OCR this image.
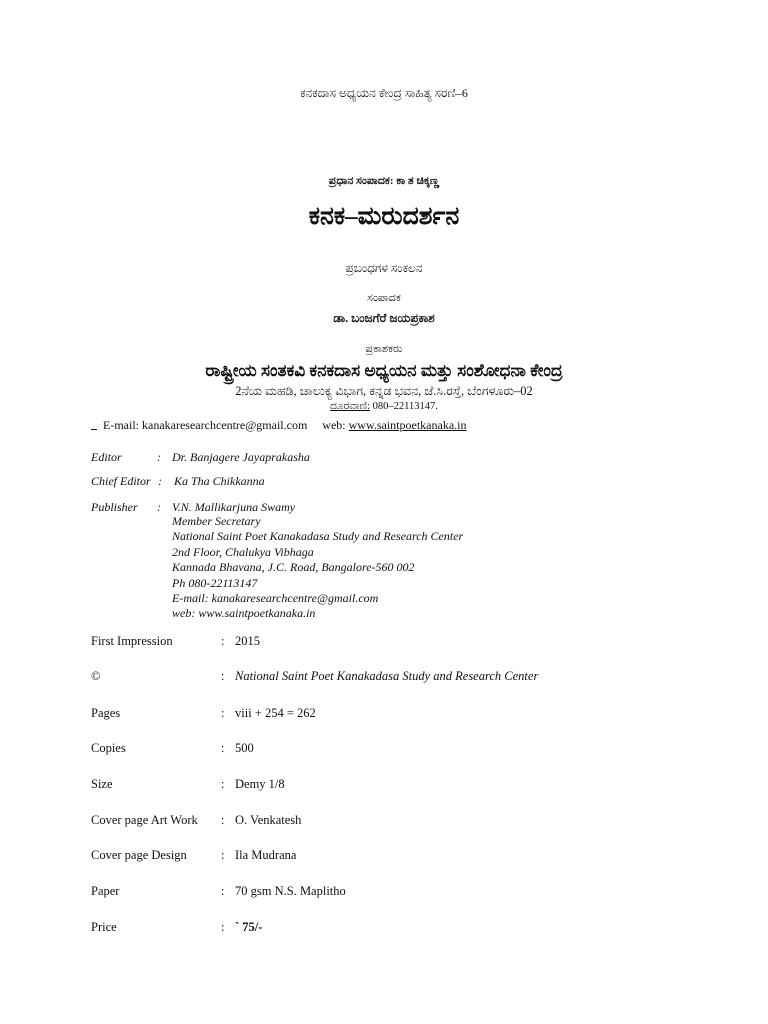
ಕನಕದಾಸ ಅಧ್ಯಯನ ಕೇಂದ್ರ ಸಾಹಿತ್ಯ ಸರಣಿ–6
ಪ್ರಧಾನ ಸಂಪಾದಕ: ಕಾ ತ ಚಿಕ್ಕಣ್ಣ
ಕನಕ–ಮರುದರ್ಶನ
ಪ್ರಬಂಧಗಳ ಸಂಕಲನ
ಸಂಪಾದಕ
ಡಾ. ಬಂಜಗೆರೆ ಜಯಪ್ರಕಾಶ
ಪ್ರಕಾಶಕರು
ರಾಷ್ಟ್ರೀಯ ಸಂತಕವಿ ಕನಕದಾಸ ಅಧ್ಯಯನ ಮತ್ತು ಸಂಶೋಧನಾ ಕೇಂದ್ರ
2ನೆಯ ಮಹಡಿ, ಚಾಲುಕ್ಯ ವಿಭಾಗ, ಕನ್ನಡ ಭವನ, ಜೆ.ಸಿ.ರಸ್ತೆ, ಬೆಂಗಳೂರು–02
ದೂರವಾಣಿ: 080–22113147.
E-mail: kanakaresearchcentre@gmail.com web: www.saintpoetkanaka.in
Editor	: Dr. Banjagere Jayaprakasha
Chief Editor : Ka Tha Chikkanna
Publisher : V.N. Mallikarjuna Swamy
Member Secretary
National Saint Poet Kanakadasa Study and Research Center
2nd Floor, Chalukya Vibhaga
Kannada Bhavana, J.C. Road, Bangalore-560 002
Ph 080-22113147
E-mail: kanakaresearchcentre@gmail.com
web: www.saintpoetkanaka.in
First Impression	: 2015
©	: National Saint Poet Kanakadasa Study and Research Center
Pages	: viii + 254 = 262
Copies	: 500
Size	: Demy 1/8
Cover page Art Work : O. Venkatesh
Cover page Design	: Ila Mudrana
Paper	: 70 gsm N.S. Maplitho
Price	: ` 75/-
